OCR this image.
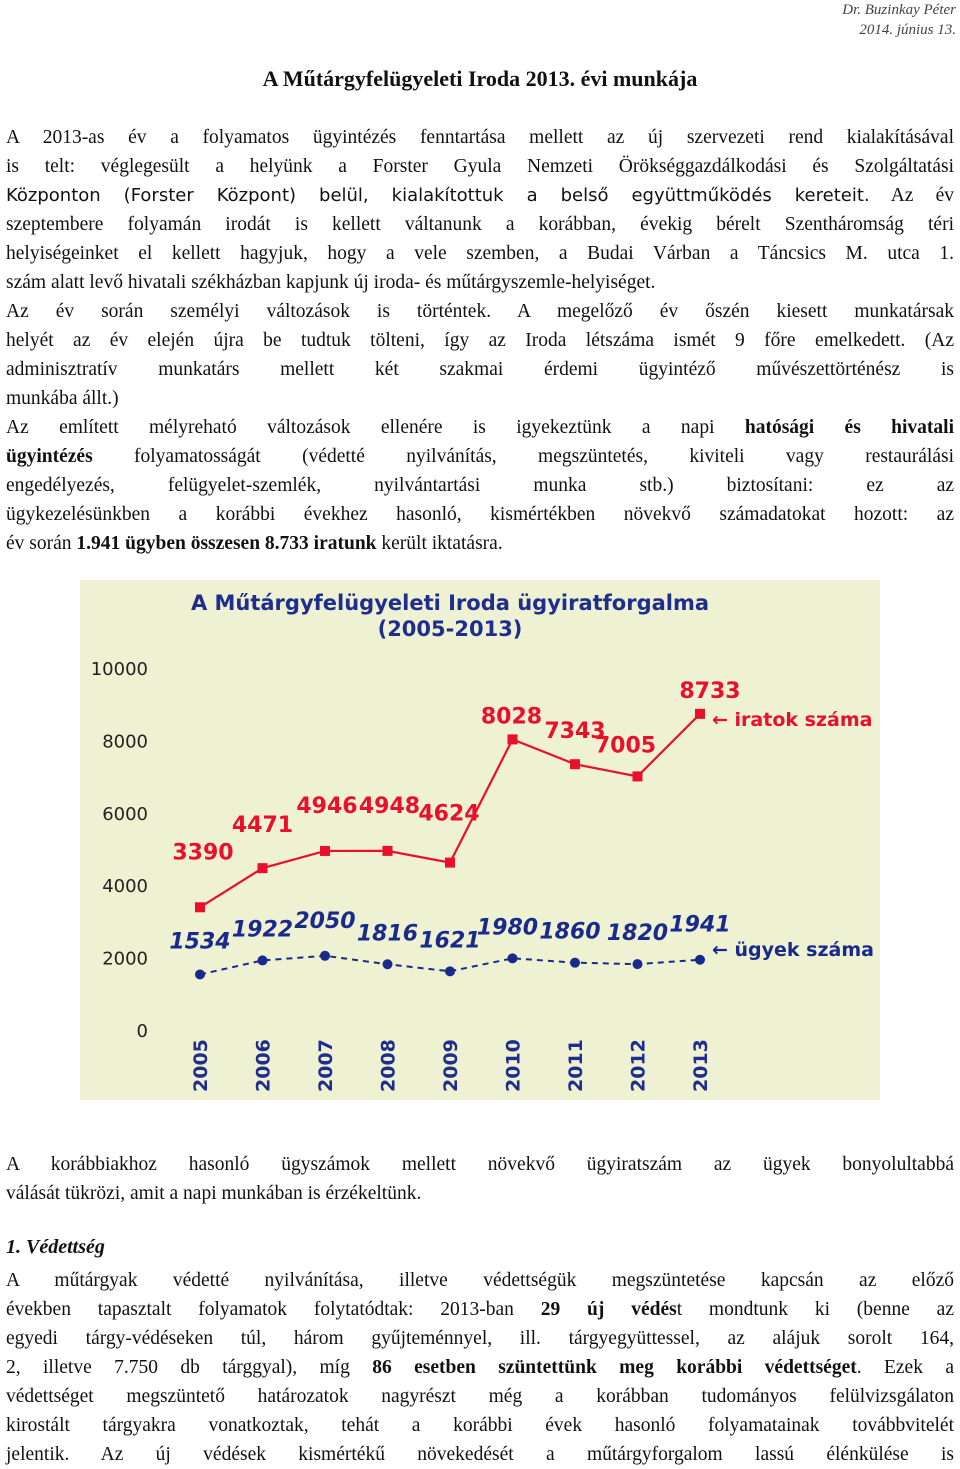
Dr. Buzinkay Péter
2014. június 13.
A Műtárgyfelügyeleti Iroda 2013. évi munkája
A 2013-as év a folyamatos ügyintézés fenntartása mellett az új szervezeti rend kialakításával
is telt: véglegesült a helyünk a Forster Gyula Nemzeti Örökséggazdálkodási és Szolgáltatási
Központon (Forster Központ) belül, kialakítottuk a belső együttműködés kereteit. Az év
szeptembere folyamán irodát is kellett váltanunk a korábban, évekig bérelt Szentháromság téri
helyiségeinket el kellett hagyjuk, hogy a vele szemben, a Budai Várban a Táncsics M. utca 1.
szám alatt levő hivatali székházban kapjunk új iroda- és műtárgyszemle-helyiséget.
Az év során személyi változások is történtek. A megelőző év őszén kiesett munkatársak
helyét az év elején újra be tudtuk tölteni, így az Iroda létszáma ismét 9 főre emelkedett. (Az
adminisztratív munkatárs mellett két szakmai érdemi ügyintéző művészettörténész is
munkába állt.)
Az említett mélyreható változások ellenére is igyekeztünk a napi hatósági és hivatali
ügyintézés folyamatosságát (védetté nyilvánítás, megszüntetés, kiviteli vagy restaurálási
engedélyezés, felügyelet-szemlék, nyilvántartási munka stb.) biztosítani: ez az
ügykezelésünkben a korábbi évekhez hasonló, kismértékben növekvő számadatokat hozott: az
év során 1.941 ügyben összesen 8.733 iratunk került iktatásra.
A Műtárgyfelügyeleti Iroda ügyiratforgalma
(2005-2013)
0
2000
4000
6000
8000
10000
2005 2006 2007 2008 2009 2010 2011 2012 2013
3390
4471
4946 4948
4624
8028
7343
7005
8733
← iratok száma
1534 1922 2050 1816 1621
1980 1860 1820 1941
← ügyek száma
A korábbiakhoz hasonló ügyszámok mellett növekvő ügyiratszám az ügyek bonyolultabbá
válását tükrözi, amit a napi munkában is érzékeltünk.
1. Védettség
A műtárgyak védetté nyilvánítása, illetve védettségük megszüntetése kapcsán az előző
években tapasztalt folyamatok folytatódtak: 2013-ban 29 új védést mondtunk ki (benne az
egyedi tárgy-védéseken túl, három gyűjteménnyel, ill. tárgyegyüttessel, az alájuk sorolt 164,
2, illetve 7.750 db tárggyal), míg 86 esetben szüntettünk meg korábbi védettséget. Ezek a
védettséget megszüntető határozatok nagyrészt még a korábban tudományos felülvizsgálaton
kirostált tárgyakra vonatkoztak, tehát a korábbi évek hasonló folyamatainak továbbvitelét
jelentik. Az új védések kismértékű növekedését a műtárgyforgalom lassú élénkülése is
